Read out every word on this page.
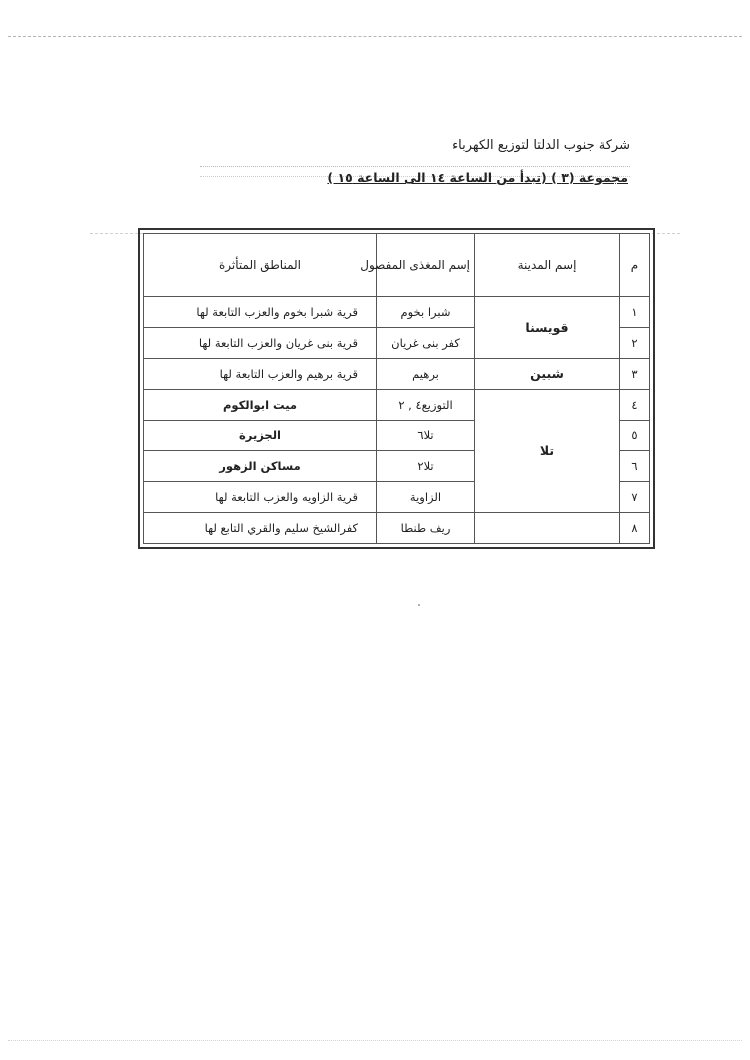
شركة جنوب الدلتا لتوزيع الكهرباء
مجموعة (٣ ) (تبدأ من الساعة ١٤ الى الساعة ١٥ )
م	إسم المدينة	إسم المغذى المفصول	المناطق المتأثرة
١	قويسنا	شبرا بخوم	قرية شبرا بخوم والعزب التابعة لها
٢		كفر بنى غريان	قرية بنى غريان والعزب التابعة لها
٣	شبين	برهيم	قرية برهيم والعزب التابعة لها
٤	تلا	التوزيع٤ , ٢	ميت ابوالكوم
٥		تلا٦	الجزيرة
٦		تلا٢	مساكن الزهور
٧		الزاوية	قرية الزاويه والعزب التابعة لها
٨		ريف طنطا	كفرالشيخ سليم والقري التابع لها
